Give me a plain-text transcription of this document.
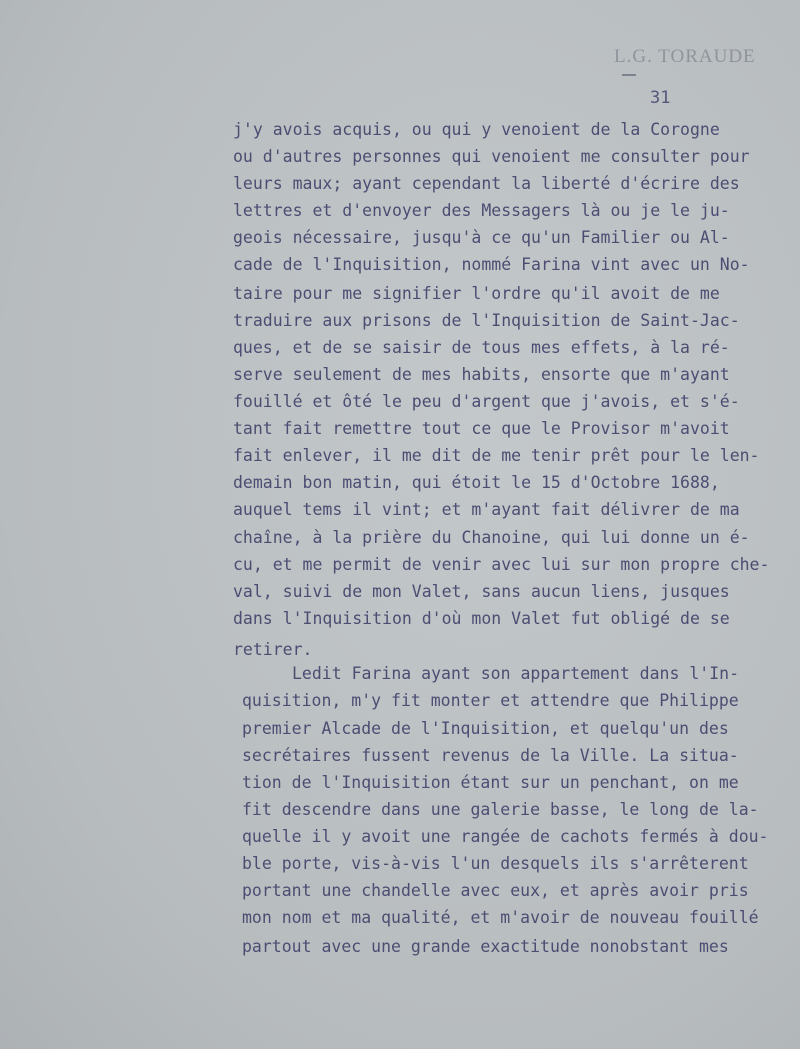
L.G. TORAUDE
31
j'y avois acquis, ou qui y venoient de la Corogne
ou d'autres personnes qui venoient me consulter pour
leurs maux; ayant cependant la liberté d'écrire des
lettres et d'envoyer des Messagers là ou je le ju-
geois nécessaire, jusqu'à ce qu'un Familier ou Al-
cade de l'Inquisition, nommé Farina vint avec un No-
taire pour me signifier l'ordre qu'il avoit de me
traduire aux prisons de l'Inquisition de Saint-Jac-
ques, et de se saisir de tous mes effets, à la ré-
serve seulement de mes habits, ensorte que m'ayant
fouillé et ôté le peu d'argent que j'avois, et s'é-
tant fait remettre tout ce que le Provisor m'avoit
fait enlever, il me dit de me tenir prêt pour le len-
demain bon matin, qui étoit le 15 d'Octobre 1688,
auquel tems il vint; et m'ayant fait délivrer de ma
chaîne, à la prière du Chanoine, qui lui donne un é-
cu, et me permit de venir avec lui sur mon propre che-
val, suivi de mon Valet, sans aucun liens, jusques
dans l'Inquisition d'où mon Valet fut obligé de se
retirer.
Ledit Farina ayant son appartement dans l'In-
quisition, m'y fit monter et attendre que Philippe
premier Alcade de l'Inquisition, et quelqu'un des
secrétaires fussent revenus de la Ville. La situa-
tion de l'Inquisition étant sur un penchant, on me
fit descendre dans une galerie basse, le long de la-
quelle il y avoit une rangée de cachots fermés à dou-
ble porte, vis-à-vis l'un desquels ils s'arrêterent
portant une chandelle avec eux, et après avoir pris
mon nom et ma qualité, et m'avoir de nouveau fouillé
partout avec une grande exactitude nonobstant mes
